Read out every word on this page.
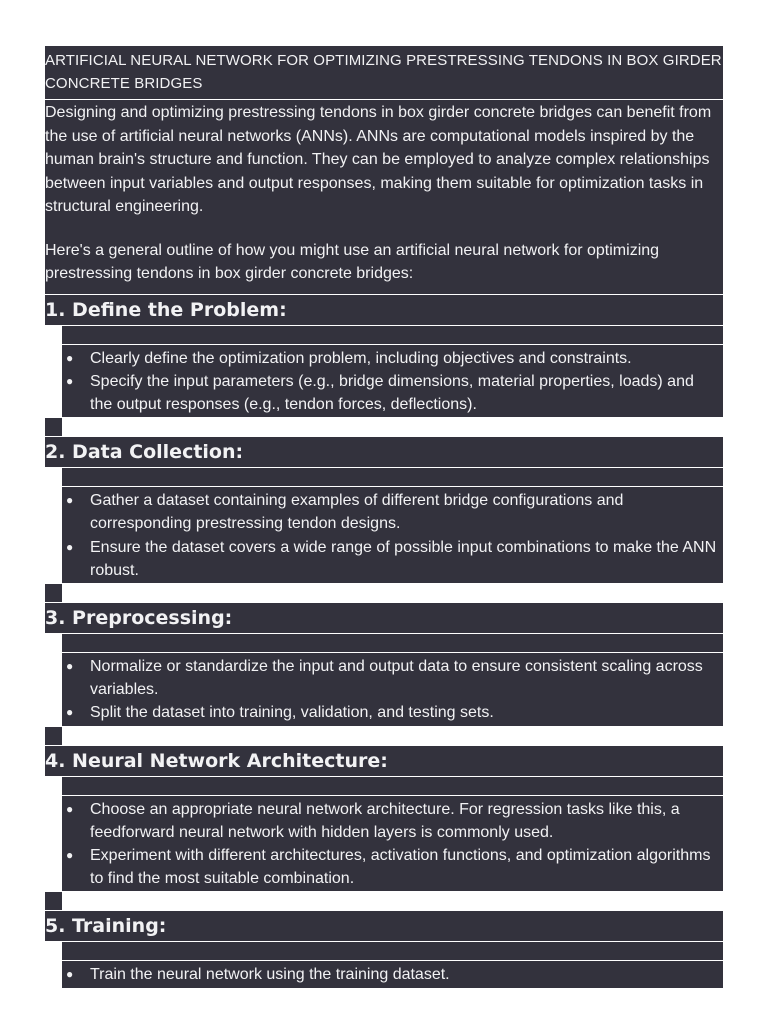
ARTIFICIAL NEURAL NETWORK FOR OPTIMIZING PRESTRESSING TENDONS IN BOX GIRDER CONCRETE BRIDGES

Designing and optimizing prestressing tendons in box girder concrete bridges can benefit from the use of artificial neural networks (ANNs). ANNs are computational models inspired by the human brain's structure and function. They can be employed to analyze complex relationships between input variables and output responses, making them suitable for optimization tasks in structural engineering.

Here's a general outline of how you might use an artificial neural network for optimizing prestressing tendons in box girder concrete bridges:

1. Define the Problem:
● Clearly define the optimization problem, including objectives and constraints.
● Specify the input parameters (e.g., bridge dimensions, material properties, loads) and the output responses (e.g., tendon forces, deflections).
2. Data Collection:
● Gather a dataset containing examples of different bridge configurations and corresponding prestressing tendon designs.
● Ensure the dataset covers a wide range of possible input combinations to make the ANN robust.
3. Preprocessing:
● Normalize or standardize the input and output data to ensure consistent scaling across variables.
● Split the dataset into training, validation, and testing sets.
4. Neural Network Architecture:
● Choose an appropriate neural network architecture. For regression tasks like this, a feedforward neural network with hidden layers is commonly used.
● Experiment with different architectures, activation functions, and optimization algorithms to find the most suitable combination.
5. Training:
● Train the neural network using the training dataset.
